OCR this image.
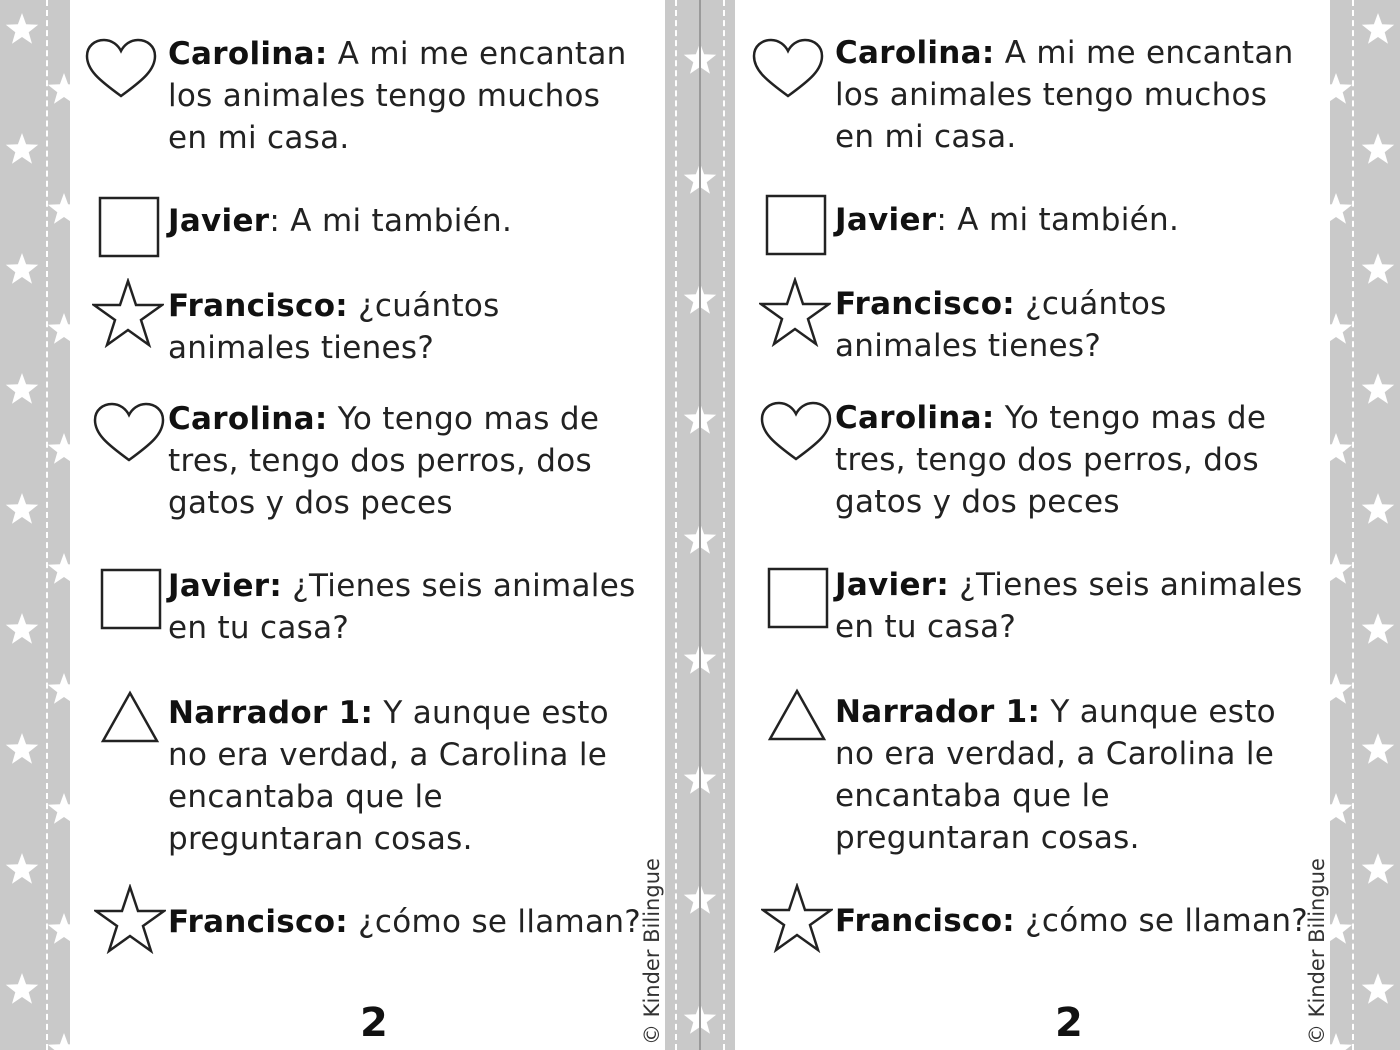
Carolina: A mi me encantan los animales tengo muchos en mi casa.
Javier: A mi también.
Francisco: ¿cuántos animales tienes?
Carolina: Yo tengo mas de tres, tengo dos perros, dos gatos y dos peces
Javier: ¿Tienes seis animales en tu casa?
Narrador 1: Y aunque esto no era verdad, a Carolina le encantaba que le preguntaran cosas.
Francisco: ¿cómo se llaman?
2	© Kinder Bilingue
Carolina: A mi me encantan los animales tengo muchos en mi casa.
Javier: A mi también.
Francisco: ¿cuántos animales tienes?
Carolina: Yo tengo mas de tres, tengo dos perros, dos gatos y dos peces
Javier: ¿Tienes seis animales en tu casa?
Narrador 1: Y aunque esto no era verdad, a Carolina le encantaba que le preguntaran cosas.
Francisco: ¿cómo se llaman?
2	© Kinder Bilingue
